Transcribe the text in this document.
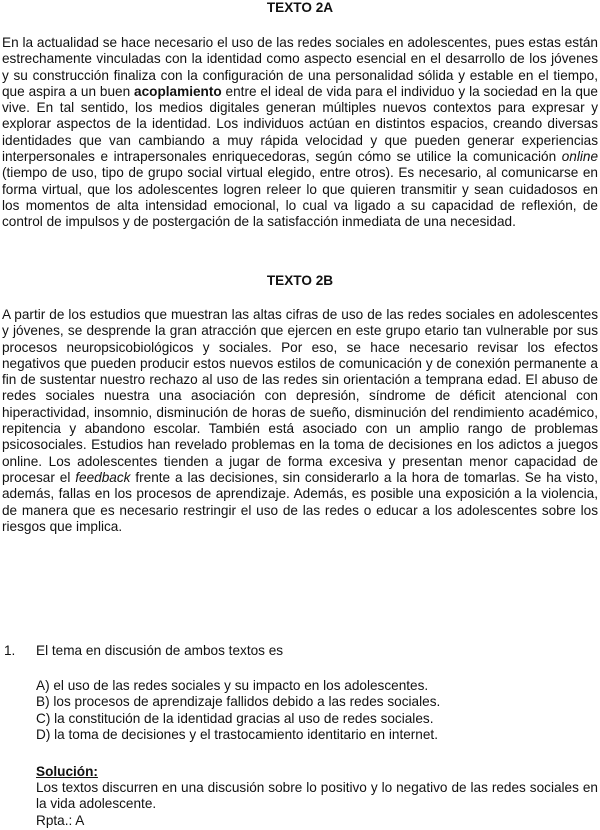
TEXTO 2A

En la actualidad se hace necesario el uso de las redes sociales en adolescentes, pues estas están estrechamente vinculadas con la identidad como aspecto esencial en el desarrollo de los jóvenes y su construcción finaliza con la configuración de una personalidad sólida y estable en el tiempo, que aspira a un buen acoplamiento entre el ideal de vida para el individuo y la sociedad en la que vive. En tal sentido, los medios digitales generan múltiples nuevos contextos para expresar y explorar aspectos de la identidad. Los individuos actúan en distintos espacios, creando diversas identidades que van cambiando a muy rápida velocidad y que pueden generar experiencias interpersonales e intrapersonales enriquecedoras, según cómo se utilice la comunicación online (tiempo de uso, tipo de grupo social virtual elegido, entre otros). Es necesario, al comunicarse en forma virtual, que los adolescentes logren releer lo que quieren transmitir y sean cuidadosos en los momentos de alta intensidad emocional, lo cual va ligado a su capacidad de reflexión, de control de impulsos y de postergación de la satisfacción inmediata de una necesidad.

TEXTO 2B

A partir de los estudios que muestran las altas cifras de uso de las redes sociales en adolescentes y jóvenes, se desprende la gran atracción que ejercen en este grupo etario tan vulnerable por sus procesos neuropsicobiológicos y sociales. Por eso, se hace necesario revisar los efectos negativos que pueden producir estos nuevos estilos de comunicación y de conexión permanente a fin de sustentar nuestro rechazo al uso de las redes sin orientación a temprana edad. El abuso de redes sociales nuestra una asociación con depresión, síndrome de déficit atencional con hiperactividad, insomnio, disminución de horas de sueño, disminución del rendimiento académico, repitencia y abandono escolar. También está asociado con un amplio rango de problemas psicosociales. Estudios han revelado problemas en la toma de decisiones en los adictos a juegos online. Los adolescentes tienden a jugar de forma excesiva y presentan menor capacidad de procesar el feedback frente a las decisiones, sin considerarlo a la hora de tomarlas. Se ha visto, además, fallas en los procesos de aprendizaje. Además, es posible una exposición a la violencia, de manera que es necesario restringir el uso de las redes o educar a los adolescentes sobre los riesgos que implica.

1. El tema en discusión de ambos textos es
A) el uso de las redes sociales y su impacto en los adolescentes.
B) los procesos de aprendizaje fallidos debido a las redes sociales.
C) la constitución de la identidad gracias al uso de redes sociales.
D) la toma de decisiones y el trastocamiento identitario en internet.
Solución:

Los textos discurren en una discusión sobre lo positivo y lo negativo de las redes sociales en la vida adolescente.

Rpta.: A
